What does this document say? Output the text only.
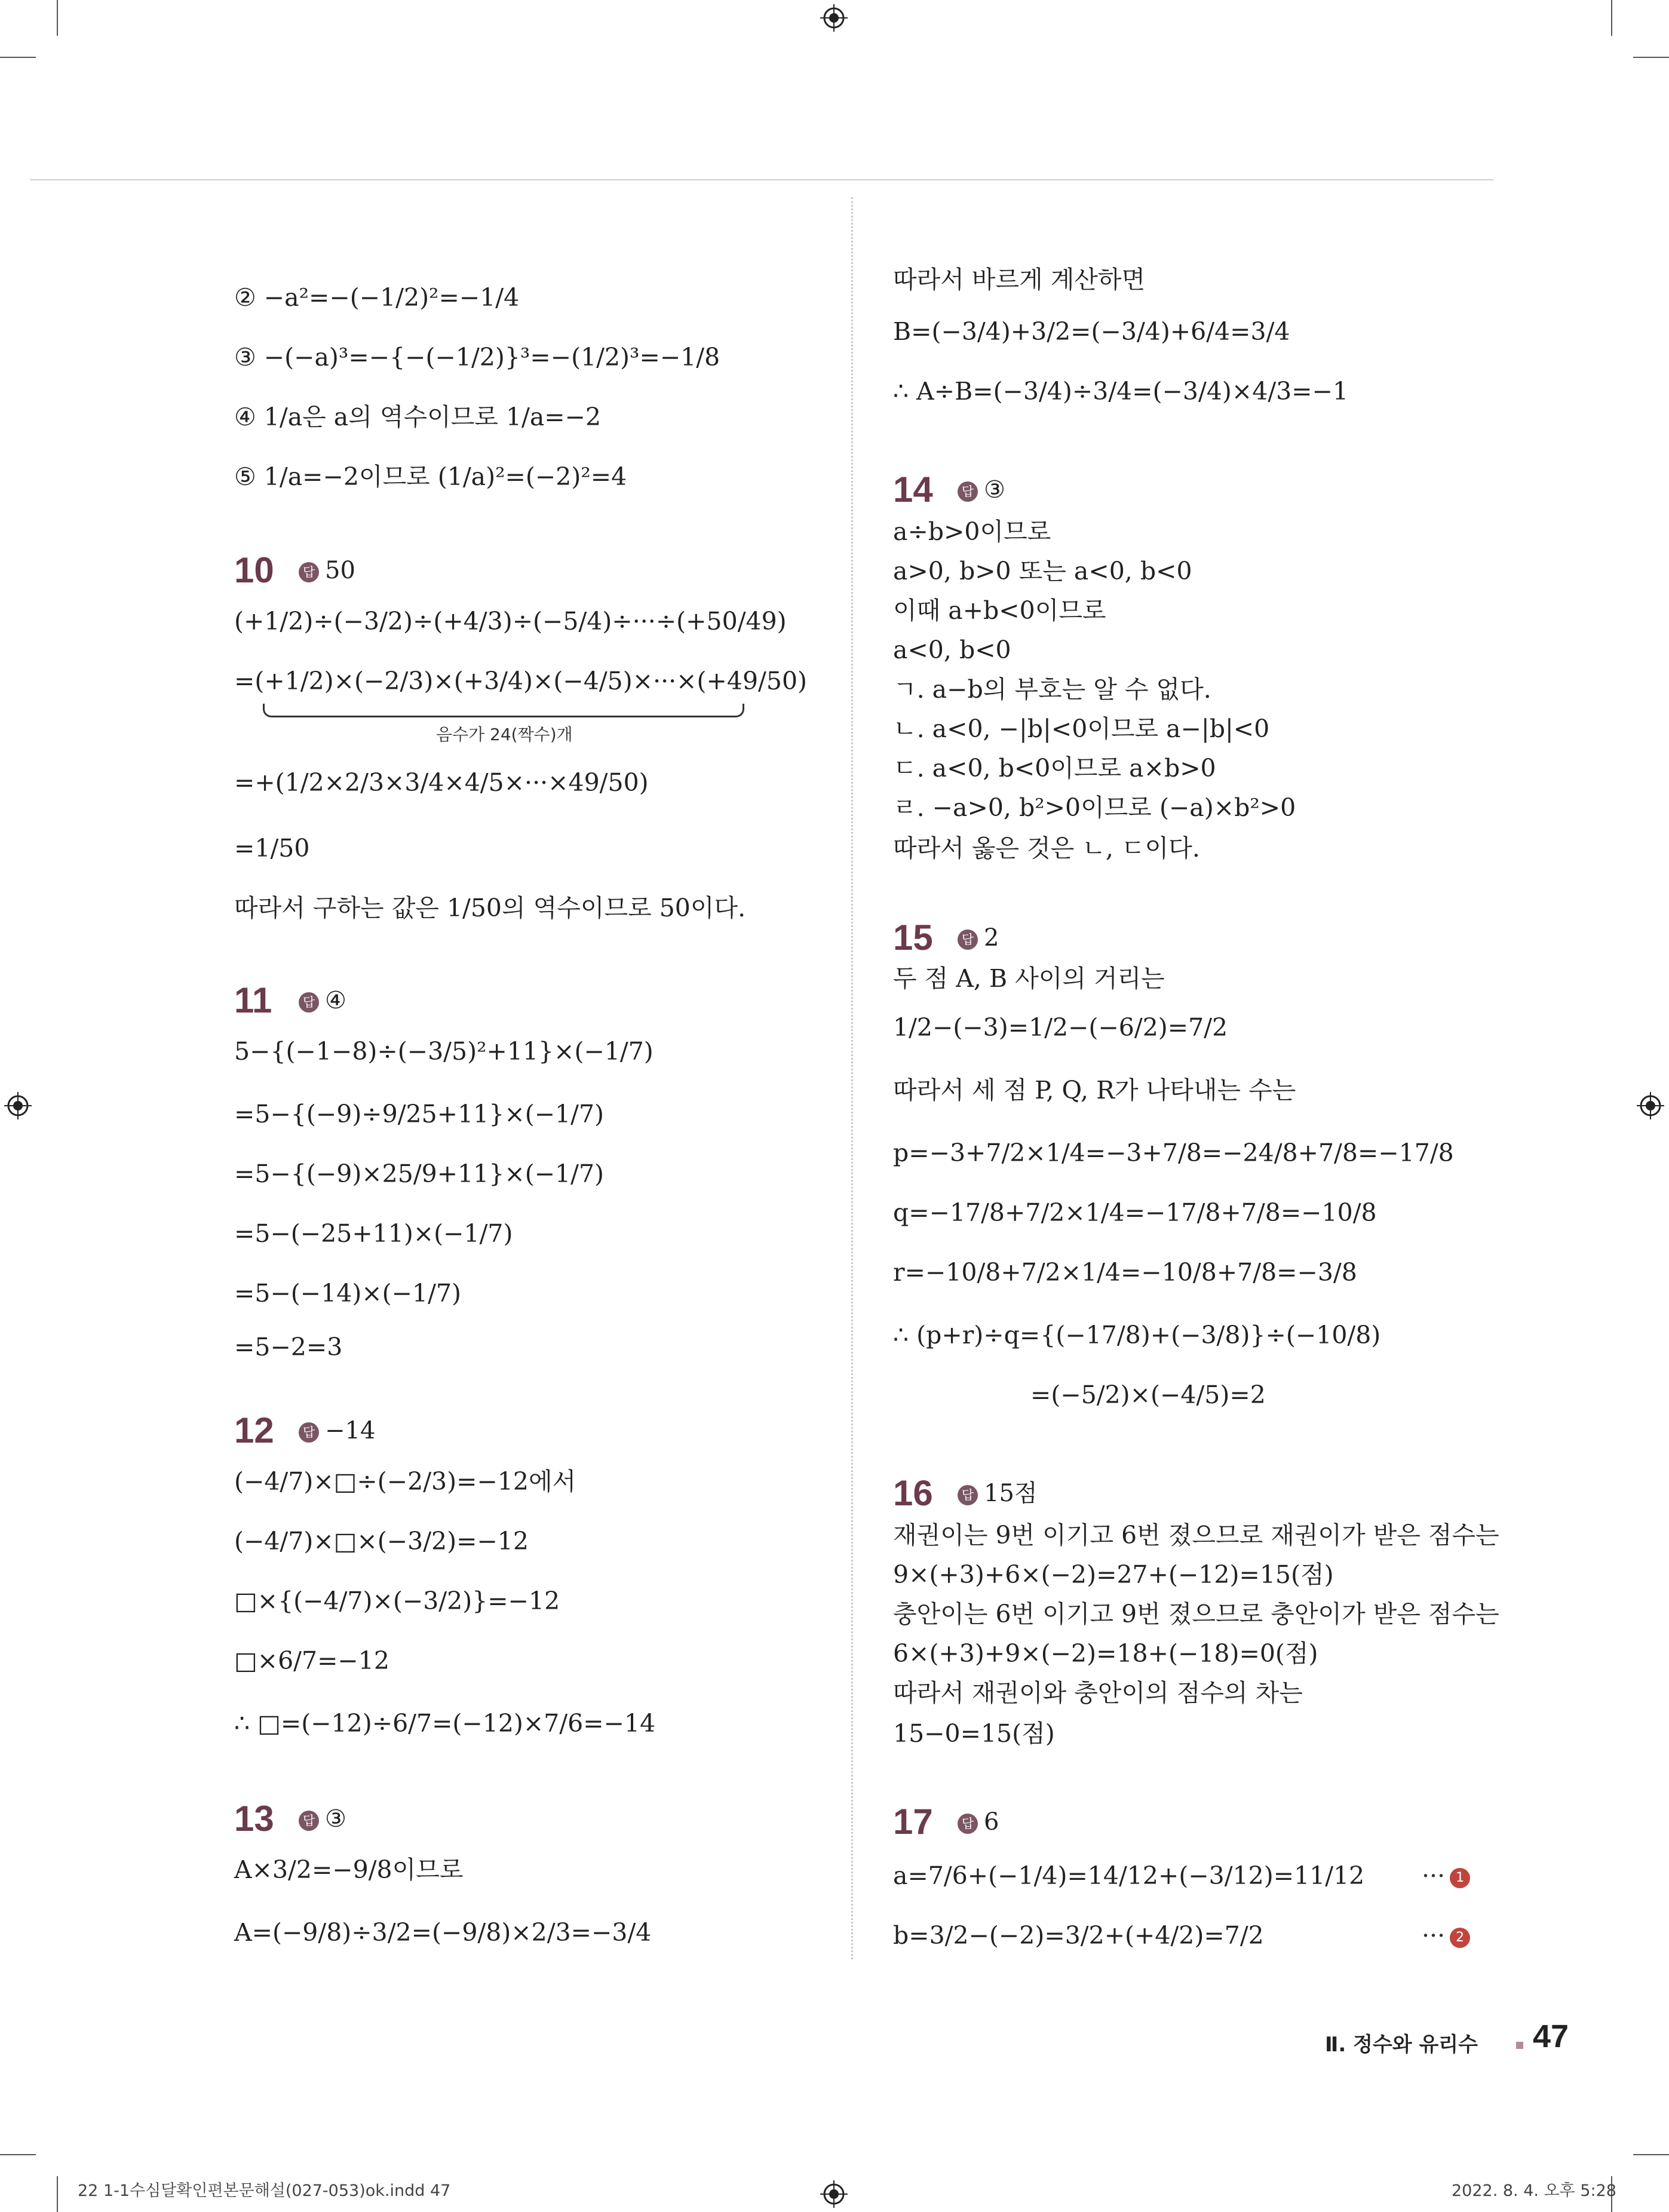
② −a²=−(−1/2)²=−1/4
③ −(−a)³=−{−(−1/2)}³=−(1/2)³=−1/8
④ 1/a은 a의 역수이므로 1/a=−2
⑤ 1/a=−2이므로 (1/a)²=(−2)²=4
10	답 50
(+1/2)÷(−3/2)÷(+4/3)÷(−5/4)÷···÷(+50/49)
=(+1/2)×(−2/3)×(+3/4)×(−4/5)×···×(+49/50)
음수가 24(짝수)개
=+(1/2×2/3×3/4×4/5×···×49/50)
=1/50
따라서 구하는 값은 1/50의 역수이므로 50이다.
11	답 ④
5−{(−1−8)÷(−3/5)²+11}×(−1/7)
=5−{(−9)÷9/25+11}×(−1/7)
=5−{(−9)×25/9+11}×(−1/7)
=5−(−25+11)×(−1/7)
=5−(−14)×(−1/7)
=5−2=3
12	답 −14
(−4/7)×□÷(−2/3)=−12에서
(−4/7)×□×(−3/2)=−12
□×{(−4/7)×(−3/2)}=−12
□×6/7=−12
∴ □=(−12)÷6/7=(−12)×7/6=−14
13	답 ③
A×3/2=−9/8이므로
A=(−9/8)÷3/2=(−9/8)×2/3=−3/4
따라서 바르게 계산하면
B=(−3/4)+3/2=(−3/4)+6/4=3/4
∴ A÷B=(−3/4)÷3/4=(−3/4)×4/3=−1
14	답 ③
a÷b>0이므로
a>0, b>0 또는 a<0, b<0
이때 a+b<0이므로
a<0, b<0
ㄱ. a−b의 부호는 알 수 없다.
ㄴ. a<0, −|b|<0이므로 a−|b|<0
ㄷ. a<0, b<0이므로 a×b>0
ㄹ. −a>0, b²>0이므로 (−a)×b²>0
따라서 옳은 것은 ㄴ, ㄷ이다.
15	답 2
두 점 A, B 사이의 거리는
1/2−(−3)=1/2−(−6/2)=7/2
따라서 세 점 P, Q, R가 나타내는 수는
p=−3+7/2×1/4=−3+7/8=−24/8+7/8=−17/8
q=−17/8+7/2×1/4=−17/8+7/8=−10/8
r=−10/8+7/2×1/4=−10/8+7/8=−3/8
∴ (p+r)÷q={(−17/8)+(−3/8)}÷(−10/8)
=(−5/2)×(−4/5)=2
16	답 15점
재권이는 9번 이기고 6번 졌으므로 재권이가 받은 점수는
9×(+3)+6×(−2)=27+(−12)=15(점)
충안이는 6번 이기고 9번 졌으므로 충안이가 받은 점수는
6×(+3)+9×(−2)=18+(−18)=0(점)
따라서 재권이와 충안이의 점수의 차는
15−0=15(점)
17	답 6
a=7/6+(−1/4)=14/12+(−3/12)=11/12 ··· 1
b=3/2−(−2)=3/2+(+4/2)=7/2	··· 2
Ⅱ. 정수와 유리수 47
22 1-1수심달확인편본문해설(027-053)ok.indd 47	2022. 8. 4. 오후 5:28
